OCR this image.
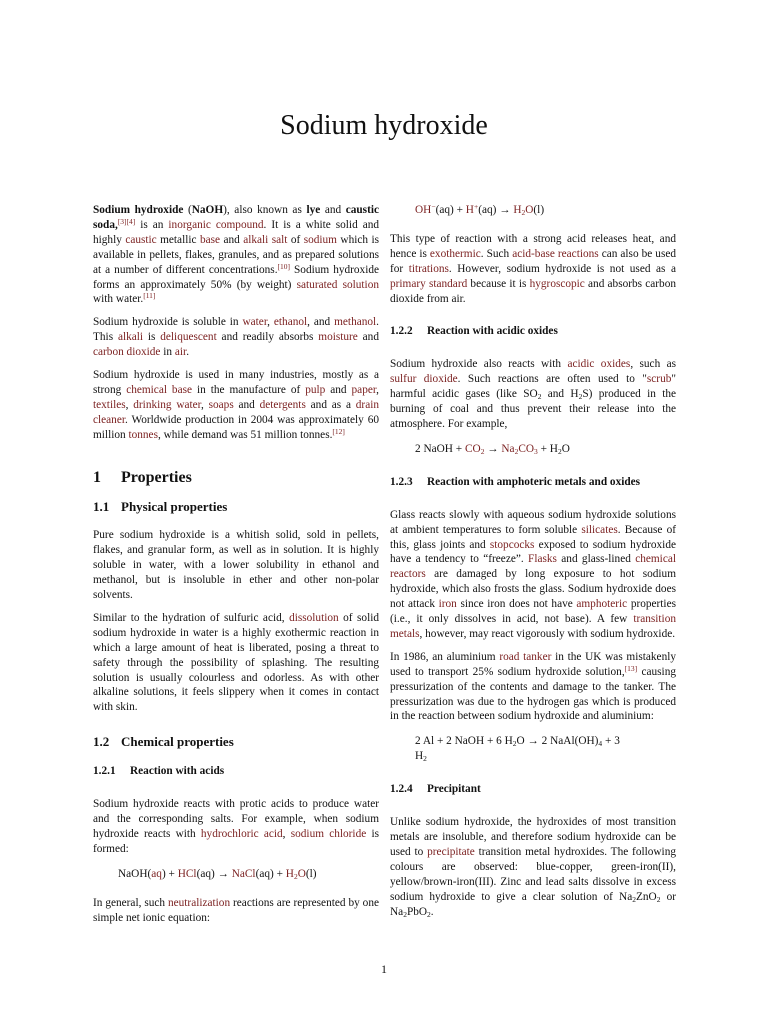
Sodium hydroxide

Sodium hydroxide (NaOH), also known as lye and caustic soda,[3][4] is an inorganic compound. It is a white solid and highly caustic metallic base and alkali salt of sodium which is available in pellets, flakes, granules, and as prepared solutions at a number of different concentrations.[10] Sodium hydroxide forms an approximately 50% (by weight) saturated solution with water.[11]

Sodium hydroxide is soluble in water, ethanol, and methanol. This alkali is deliquescent and readily absorbs moisture and carbon dioxide in air.

Sodium hydroxide is used in many industries, mostly as a strong chemical base in the manufacture of pulp and paper, textiles, drinking water, soaps and detergents and as a drain cleaner. Worldwide production in 2004 was approximately 60 million tonnes, while demand was 51 million tonnes.[12]

1 Properties
1.1 Physical properties

Pure sodium hydroxide is a whitish solid, sold in pellets, flakes, and granular form, as well as in solution. It is highly soluble in water, with a lower solubility in ethanol and methanol, but is insoluble in ether and other non-polar solvents.

Similar to the hydration of sulfuric acid, dissolution of solid sodium hydroxide in water is a highly exothermic reaction in which a large amount of heat is liberated, posing a threat to safety through the possibility of splashing. The resulting solution is usually colourless and odorless. As with other alkaline solutions, it feels slippery when it comes in contact with skin.

1.2 Chemical properties
1.2.1 Reaction with acids

Sodium hydroxide reacts with protic acids to produce water and the corresponding salts. For example, when sodium hydroxide reacts with hydrochloric acid, sodium chloride is formed:

NaOH(aq) + HCl(aq) → NaCl(aq) + $H_2O(l)$

In general, such neutralization reactions are represented by one simple net ionic equation:

$OH^-(aq) + H^+(aq) \to H_2O(l)$

This type of reaction with a strong acid releases heat, and hence is exothermic. Such acid-base reactions can also be used for titrations. However, sodium hydroxide is not used as a primary standard because it is hygroscopic and absorbs carbon dioxide from air.

1.2.2 Reaction with acidic oxides

Sodium hydroxide also reacts with acidic oxides, such as sulfur dioxide. Such reactions are often used to "scrub" harmful acidic gases (like $SO_2$ and $H_2S$) produced in the burning of coal and thus prevent their release into the atmosphere. For example,

2 NaOH + $CO_2 \to Na_2CO_3 + H_2O$
1.2.3 Reaction with amphoteric metals and oxides

Glass reacts slowly with aqueous sodium hydroxide solutions at ambient temperatures to form soluble silicates. Because of this, glass joints and stopcocks exposed to sodium hydroxide have a tendency to “freeze”. Flasks and glass-lined chemical reactors are damaged by long exposure to hot sodium hydroxide, which also frosts the glass. Sodium hydroxide does not attack iron since iron does not have amphoteric properties (i.e., it only dissolves in acid, not base). A few transition metals, however, may react vigorously with sodium hydroxide.

In 1986, an aluminium road tanker in the UK was mistakenly used to transport 25% sodium hydroxide solution,[13] causing pressurization of the contents and damage to the tanker. The pressurization was due to the hydrogen gas which is produced in the reaction between sodium hydroxide and aluminium:

2 Al + 2 NaOH + 6 $H_2O \to 2$ $NaAl(OH)_4 + 3$
$H_2$
1.2.4 Precipitant

Unlike sodium hydroxide, the hydroxides of most transition metals are insoluble, and therefore sodium hydroxide can be used to precipitate transition metal hydroxides. The following colours are observed: blue-copper, green-iron(II), yellow/brown-iron(III). Zinc and lead salts dissolve in excess sodium hydroxide to give a clear solution of $Na_2ZnO_2$ or $Na_2PbO_2$.

1
